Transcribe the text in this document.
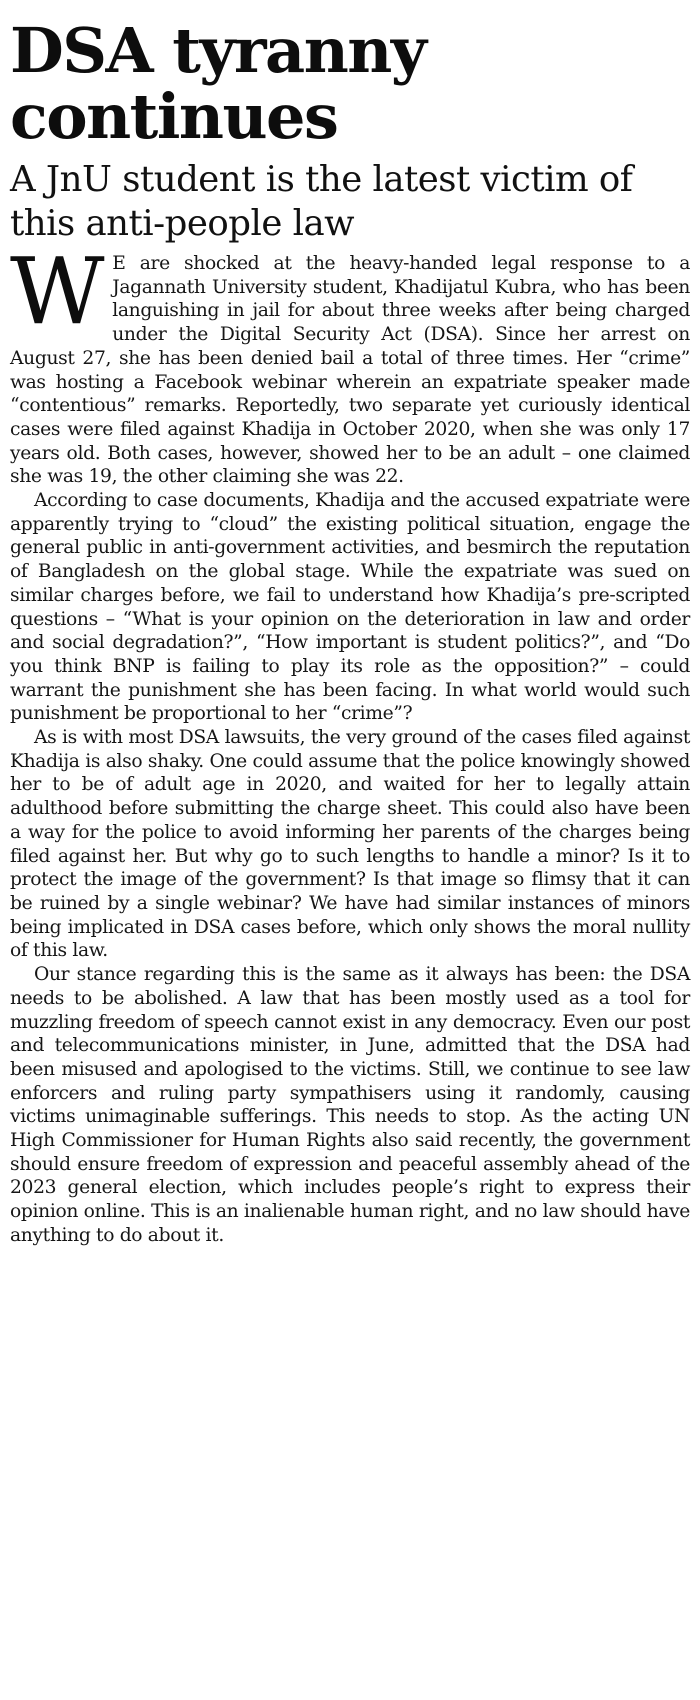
DSA tyranny continues
A JnU student is the latest victim of this anti-people law

W E are shocked at the heavy-handed legal response to a Jagannath University student, Khadijatul Kubra, who has been languishing in jail for about three weeks after being charged under the Digital Security Act (DSA). Since her arrest on August 27, she has been denied bail a total of three times. Her “crime” was hosting a Facebook webinar wherein an expatriate speaker made “contentious” remarks. Reportedly, two separate yet curiously identical cases were filed against Khadija in October 2020, when she was only 17 years old. Both cases, however, showed her to be an adult – one claimed she was 19, the other claiming she was 22.

According to case documents, Khadija and the accused expatriate were apparently trying to “cloud” the existing political situation, engage the general public in anti-government activities, and besmirch the reputation of Bangladesh on the global stage. While the expatriate was sued on similar charges before, we fail to understand how Khadija’s pre-scripted questions – “What is your opinion on the deterioration in law and order and social degradation?”, “How important is student politics?”, and “Do you think BNP is failing to play its role as the opposition?” – could warrant the punishment she has been facing. In what world would such punishment be proportional to her “crime”?

As is with most DSA lawsuits, the very ground of the cases filed against Khadija is also shaky. One could assume that the police knowingly showed her to be of adult age in 2020, and waited for her to legally attain adulthood before submitting the charge sheet. This could also have been a way for the police to avoid informing her parents of the charges being filed against her. But why go to such lengths to handle a minor? Is it to protect the image of the government? Is that image so flimsy that it can be ruined by a single webinar? We have had similar instances of minors being implicated in DSA cases before, which only shows the moral nullity of this law.

Our stance regarding this is the same as it always has been: the DSA needs to be abolished. A law that has been mostly used as a tool for muzzling freedom of speech cannot exist in any democracy. Even our post and telecommunications minister, in June, admitted that the DSA had been misused and apologised to the victims. Still, we continue to see law enforcers and ruling party sympathisers using it randomly, causing victims unimaginable sufferings. This needs to stop. As the acting UN High Commissioner for Human Rights also said recently, the government should ensure freedom of expression and peaceful assembly ahead of the 2023 general election, which includes people’s right to express their opinion online. This is an inalienable human right, and no law should have anything to do about it.
